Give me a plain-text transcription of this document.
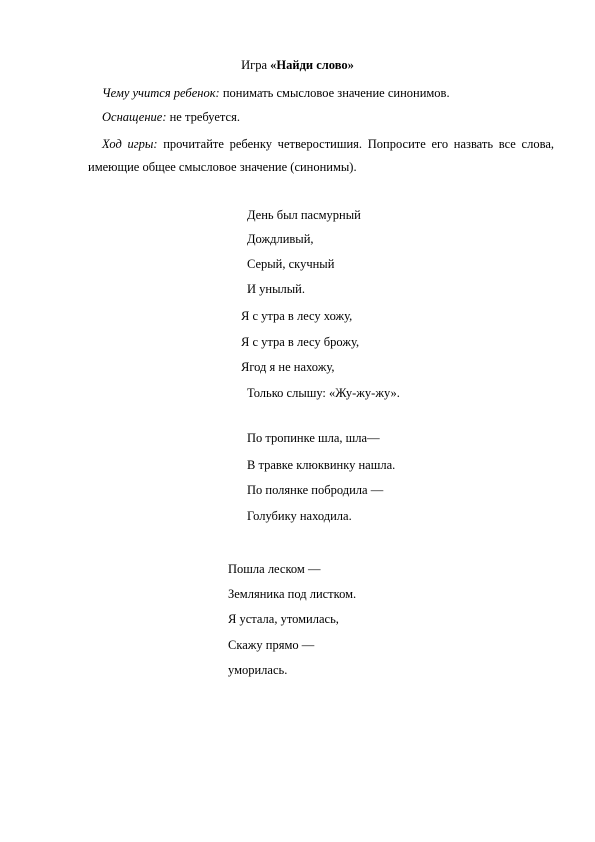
Игра «Найди слово»
Чему учится ребенок: понимать смысловое значение синонимов.
Оснащение: не требуется.
Ход игры: прочитайте ребенку четверостишия. Попросите его назвать все слова, имеющие общее смысловое значение (синонимы).
День был пасмурный
Дождливый,
Серый, скучный
И унылый.
Я с утра в лесу хожу,
Я с утра в лесу брожу,
Ягод я не нахожу,
Только слышу: «Жу-жу-жу».
По тропинке шла, шла—
В травке клюквинку нашла.
По полянке побродила —
Голубику находила.
Пошла леском —
Земляника под листком.
Я устала, утомилась,
Скажу прямо —
уморилась.
